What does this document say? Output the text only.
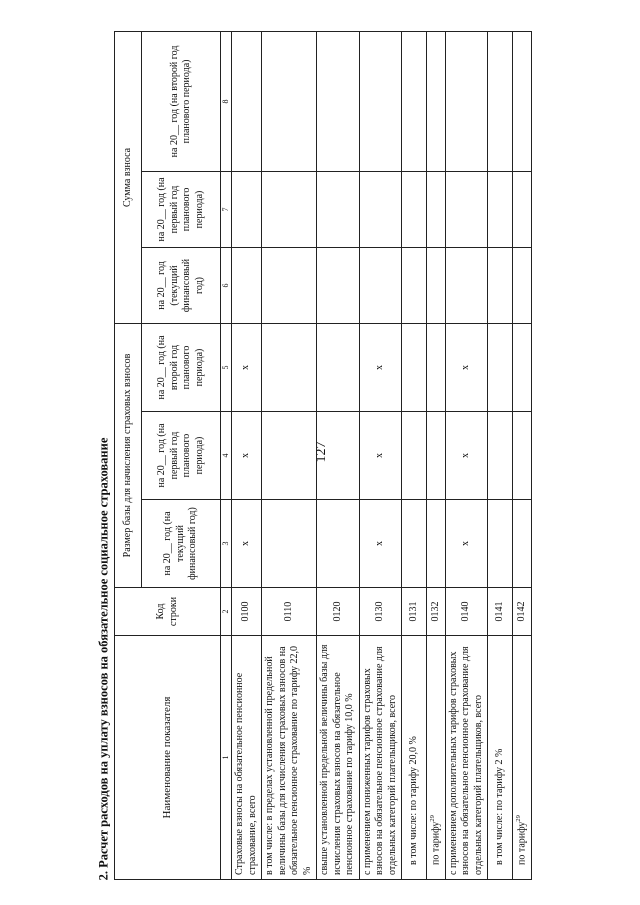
127
2. Расчет расходов на уплату взносов на обязательное социальное страхование	Наименование показателя	Код строки	Размер базы для начисления страховых взносов			Сумма взноса		
		на 20__ год (на текущий финансовый год)	на 20__ год (на первый год планового периода)	на 20__ год (на второй год планового периода)	на 20__ год (текущий финансовый год)	на 20__ год (на первый год планового периода)	на 20__ год (на второй год планового периода)
1	2	3	4	5	6	7	8
Страховые взносы на обязательное пенсионное страхование, всего	0100	x	x	x			
в том числе: в пределах установленной предельной величины базы для исчисления страховых взносов на обязательное пенсионное страхование по тарифу 22,0 %	0110						
свыше установленной предельной величины базы для исчисления страховых взносов на обязательное пенсионное страхование по тарифу 10,0 %	0120						
с применением пониженных тарифов страховых взносов на обязательное пенсионное страхование для отдельных категорий плательщиков, всего	0130	x	x	x			
в том числе: по тарифу 20,0 %	0131						
по тарифу$^{29}$	0132						
с применением дополнительных тарифов страховых взносов на обязательное пенсионное страхование для отдельных категорий плательщиков, всего	0140	x	x	x			
в том числе: по тарифу 2 %	0141						
по тарифу$^{29}$	0142						
